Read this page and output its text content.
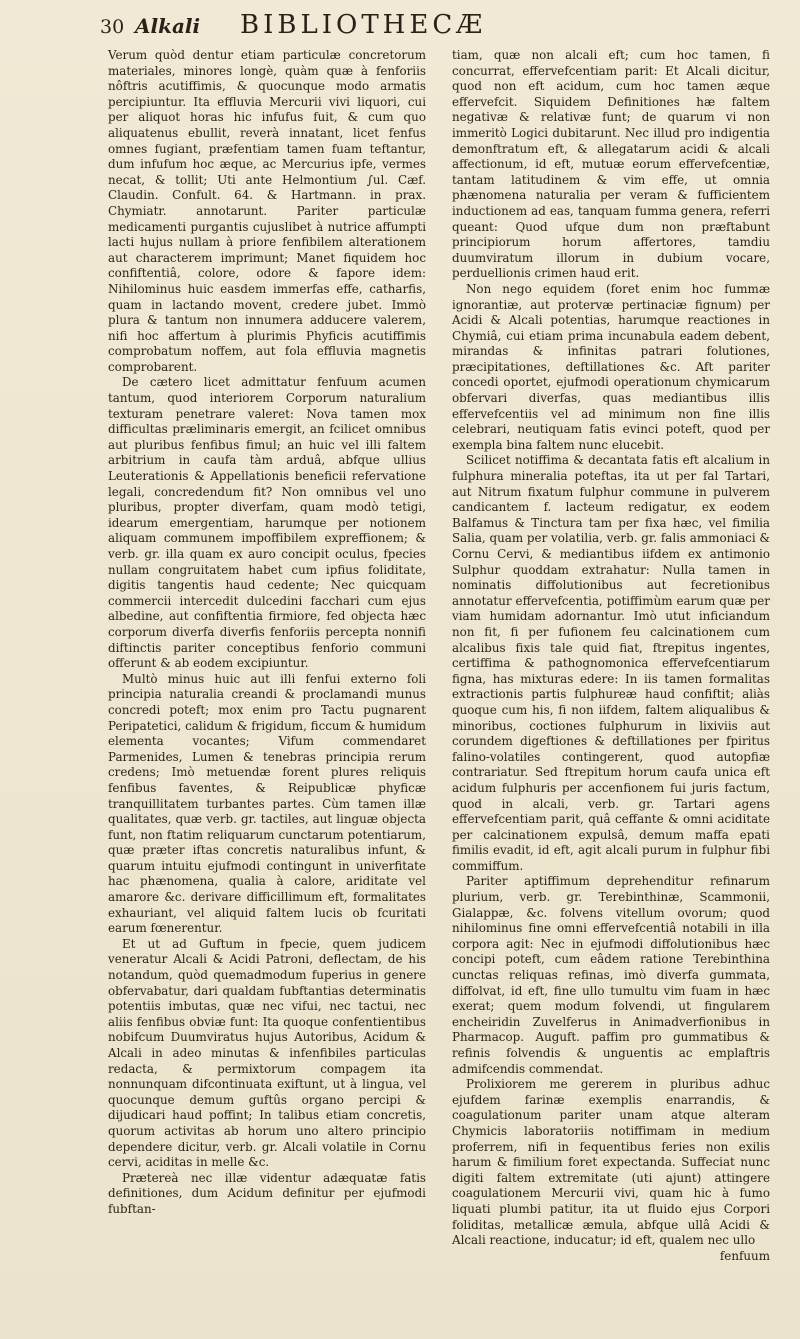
30 Alkali BIBLIOTHECÆ

Verum quòd dentur etiam particulæ concretorum materiales, minores longè, quàm quæ à fenforiis nôftris acutiffimis, & quocunque modo armatis percipiuntur. Ita effluvia Mercurii vivi liquori, cui per aliquot horas hic infufus fuit, & cum quo aliquatenus ebullit, reverà innatant, licet fenfus omnes fugiant, præfentiam tamen fuam teftantur, dum infufum hoc æque, ac Mercurius ipfe, vermes necat, & tollit; Uti ante Helmontium ∫ul. Cæf. Claudin. Confult. 64. & Hartmann. in prax. Chymiatr. annotarunt. Pariter particulæ medicamenti purgantis cujuslibet à nutrice affumpti lacti hujus nullam à priore fenfibilem alterationem aut characterem imprimunt; Manet fiquidem hoc confiftentiâ, colore, odore & fapore idem: Nihilominus huic easdem immerfas effe, catharfis, quam in lactando movent, credere jubet. Immò plura & tantum non innumera adducere valerem, nifi hoc affertum à plurimis Phyficis acutiffimis comprobatum noffem, aut fola effluvia magnetis comprobarent.

De cætero licet admittatur fenfuum acumen tantum, quod interiorem Corporum naturalium texturam penetrare valeret: Nova tamen mox difficultas præliminaris emergit, an fcilicet omnibus aut pluribus fenfibus fimul; an huic vel illi faltem arbitrium in caufa tàm arduâ, abfque ullius Leuterationis & Appellationis beneficii refervatione legali, concredendum fit? Non omnibus vel uno pluribus, propter diverfam, quam modò tetigi, idearum emergentiam, harumque per notionem aliquam communem impoffibilem expreffionem; & verb. gr. illa quam ex auro concipit oculus, fpecies nullam congruitatem habet cum ipfius foliditate, digitis tangentis haud cedente; Nec quicquam commercii intercedit dulcedini facchari cum ejus albedine, aut confiftentia firmiore, fed objecta hæc corporum diverfa diverfis fenforiis percepta nonnifi diftinctis pariter conceptibus fenforio communi offerunt & ab eodem excipiuntur.

Multò minus huic aut illi fenfui externo foli principia naturalia creandi & proclamandi munus concredi poteft; mox enim pro Tactu pugnarent Peripatetici, calidum & frigidum, ficcum & humidum elementa vocantes; Vifum commendaret Parmenides, Lumen & tenebras principia rerum credens; Imò metuendæ forent plures reliquis fenfibus faventes, & Reipublicæ phyficæ tranquillitatem turbantes partes. Cùm tamen illæ qualitates, quæ verb. gr. tactiles, aut linguæ objecta funt, non ftatim reliquarum cunctarum potentiarum, quæ præter iftas concretis naturalibus infunt, & quarum intuitu ejufmodi contingunt in univerfitate hac phænomena, qualia à calore, ariditate vel amarore &c. derivare difficillimum eft, formalitates exhauriant, vel aliquid faltem lucis ob fcuritati earum fœnerentur.

Et ut ad Guftum in fpecie, quem judicem veneratur Alcali & Acidi Patroni, deflectam, de his notandum, quòd quemadmodum fuperius in genere obfervabatur, dari qualdam fubftantias determinatis potentiis imbutas, quæ nec vifui, nec tactui, nec aliis fenfibus obviæ funt: Ita quoque confentientibus nobifcum Duumviratus hujus Autoribus, Acidum & Alcali in adeo minutas & infenfibiles particulas redacta, & permixtorum compagem ita nonnunquam difcontinuata exiftunt, ut à lingua, vel quocunque demum guftûs organo percipi & dijudicari haud poffint; In talibus etiam concretis, quorum activitas ab horum uno altero principio dependere dicitur, verb. gr. Alcali volatile in Cornu cervi, aciditas in melle &c.

Prætereà nec illæ videntur adæquatæ fatis definitiones, dum Acidum definitur per ejufmodi fubftan-

tiam, quæ non alcali eft; cum hoc tamen, fi concurrat, effervefcentiam parit: Et Alcali dicitur, quod non eft acidum, cum hoc tamen æque effervefcit. Siquidem Definitiones hæ faltem negativæ & relativæ funt; de quarum vi non immeritò Logici dubitarunt. Nec illud pro indigentia demonftratum eft, & allegatarum acidi & alcali affectionum, id eft, mutuæ eorum effervefcentiæ, tantam latitudinem & vim effe, ut omnia phænomena naturalia per veram & fufficientem inductionem ad eas, tanquam fumma genera, referri queant: Quod ufque dum non præftabunt principiorum horum affertores, tamdiu duumviratum illorum in dubium vocare, perduellionis crimen haud erit.

Non nego equidem (foret enim hoc fummæ ignorantiæ, aut protervæ pertinaciæ fignum) per Acidi & Alcali potentias, harumque reactiones in Chymiâ, cui etiam prima incunabula eadem debent, mirandas & infinitas patrari folutiones, præcipitationes, deftillationes &c. Aft pariter concedi oportet, ejufmodi operationum chymicarum obfervari diverfas, quas mediantibus illis effervefcentiis vel ad minimum non fine illis celebrari, neutiquam fatis evinci poteft, quod per exempla bina faltem nunc elucebit.

Scilicet notiffima & decantata fatis eft alcalium in fulphura mineralia poteftas, ita ut per fal Tartari, aut Nitrum fixatum fulphur commune in pulverem candicantem f. lacteum redigatur, ex eodem Balfamus & Tinctura tam per fixa hæc, vel fimilia Salia, quam per volatilia, verb. gr. falis ammoniaci & Cornu Cervi, & mediantibus iifdem ex antimonio Sulphur quoddam extrahatur: Nulla tamen in nominatis diffolutionibus aut fecretionibus annotatur effervefcentia, potiffimùm earum quæ per viam humidam adornantur. Imò utut inficiandum non fit, fi per fufionem feu calcinationem cum alcalibus fixis tale quid fiat, ftrepitus ingentes, certiffima & pathognomonica effervefcentiarum figna, has mixturas edere: In iis tamen formalitas extractionis partis fulphureæ haud confiftit; aliàs quoque cum his, fi non iifdem, faltem aliqualibus & minoribus, coctiones fulphurum in lixiviis aut corundem digeftiones & deftillationes per fpiritus falino-volatiles contingerent, quod autopfiæ contrariatur. Sed ftrepitum horum caufa unica eft acidum fulphuris per accenfionem fui juris factum, quod in alcali, verb. gr. Tartari agens effervefcentiam parit, quâ ceffante & omni aciditate per calcinationem expulsâ, demum maffa epati fimilis evadit, id eft, agit alcali purum in fulphur fibi commiffum.

Pariter aptiffimum deprehenditur refinarum plurium, verb. gr. Terebinthinæ, Scammonii, Gialappæ, &c. folvens vitellum ovorum; quod nihilominus fine omni effervefcentiâ notabili in illa corpora agit: Nec in ejufmodi diffolutionibus hæc concipi poteft, cum eâdem ratione Terebinthina cunctas reliquas refinas, imò diverfa gummata, diffolvat, id eft, fine ullo tumultu vim fuam in hæc exerat; quem modum folvendi, ut fingularem encheiridin Zuvelferus in Animadverfionibus in Pharmacop. Auguft. paffim pro gummatibus & refinis folvendis & unguentis ac emplaftris admifcendis commendat.

Prolixiorem me gererem in pluribus adhuc ejufdem farinæ exemplis enarrandis, & coagulationum pariter unam atque alteram Chymicis laboratoriis notiffimam in medium proferrem, nifi in fequentibus feries non exilis harum & fimilium foret expectanda. Suffeciat nunc digiti faltem extremitate (uti ajunt) attingere coagulationem Mercurii vivi, quam hic à fumo liquati plumbi patitur, ita ut fluido ejus Corpori foliditas, metallicæ æmula, abfque ullâ Acidi & Alcali reactione, inducatur; id eft, qualem nec ullo

fenfuum
